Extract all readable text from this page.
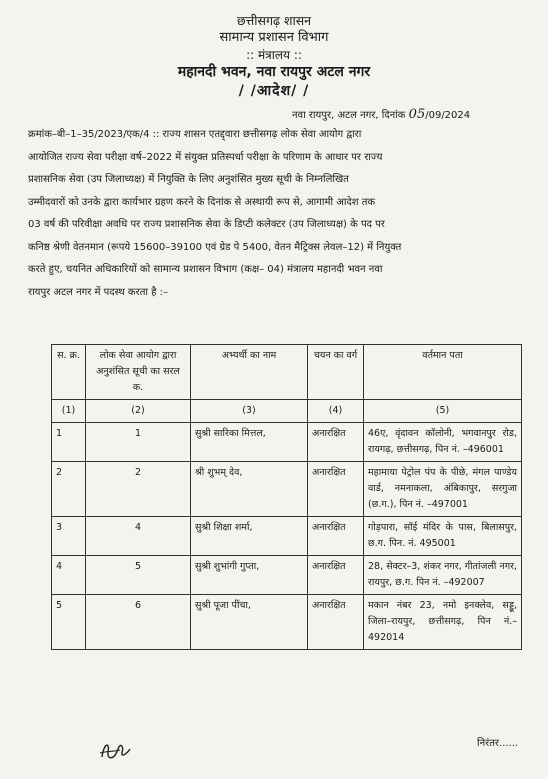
छत्तीसगढ़ शासन
सामान्य प्रशासन विभाग
:: मंत्रालय ::
महानदी भवन, नवा रायपुर अटल नगर
/ /आदेश/ /
नवा रायपुर, अटल नगर, दिनांक 05/09/2024
क्रमांक–बी–1–35/2023/एक/4 :: राज्य शासन एतद्द्वारा छत्तीसगढ़ लोक सेवा आयोग द्वारा
आयोजित राज्य सेवा परीक्षा वर्ष–2022 में संयुक्त प्रतिस्पर्धा परीक्षा के परिणाम के आधार पर राज्य
प्रशासनिक सेवा (उप जिलाध्यक्ष) में नियुक्ति के लिए अनुशंसित मुख्य सूची के निम्नलिखित
उम्मीदवारों को उनके द्वारा कार्यभार ग्रहण करने के दिनांक से अस्थायी रूप से, आगामी आदेश तक
03 वर्ष की परिवीक्षा अवधि पर राज्य प्रशासनिक सेवा के डिप्टी कलेक्टर (उप जिलाध्यक्ष) के पद पर
कनिष्ठ श्रेणी वेतनमान (रूपये 15600–39100 एवं ग्रेड पे 5400, वेतन मैट्रिक्स लेवल–12) में नियुक्त
करते हुए, चयनित अधिकारियों को सामान्य प्रशासन विभाग (कक्ष– 04) मंत्रालय महानदी भवन नवा
रायपुर अटल नगर में पदस्थ करता है :–
स. क्र.	लोक सेवा आयोग द्वारा अनुशंसित सूची का सरल क.	अभ्यर्थी का नाम	चयन का वर्ग	वर्तमान पता
(1)	(2)	(3)	(4)	(5)
1	1	सुश्री सारिका मित्तल,	अनारक्षित	46ए, वृंदावन कॉलोनी, भगवानपुर रोड, रायगढ़, छत्तीसगढ़, पिन नं. –496001
2	2	श्री शुभम् देव,	अनारक्षित	महामाया पेट्रोल पंप के पीछे, मंगल पाण्डेय वार्ड, नमनाकला, अंबिकापुर, सरगुजा (छ.ग.), पिन नं. –497001
3	4	सुश्री शिक्षा शर्मा,	अनारक्षित	गोड़पारा, सॉई मंदिर के पास, बिलासपुर, छ.ग. पिन. नं. 495001
4	5	सुश्री शुभांगी गुप्ता,	अनारक्षित	28, सेक्टर–3, शंकर नगर, गीतांजली नगर, रायपुर, छ.ग. पिन नं. –492007
5	6	सुश्री पूजा पींचा,	अनारक्षित	मकान नंबर 23, नमो इनक्लेव, सड्डू, जिला–रायपुर, छत्तीसगढ़, पिन नं.–492014
निरंतर......
